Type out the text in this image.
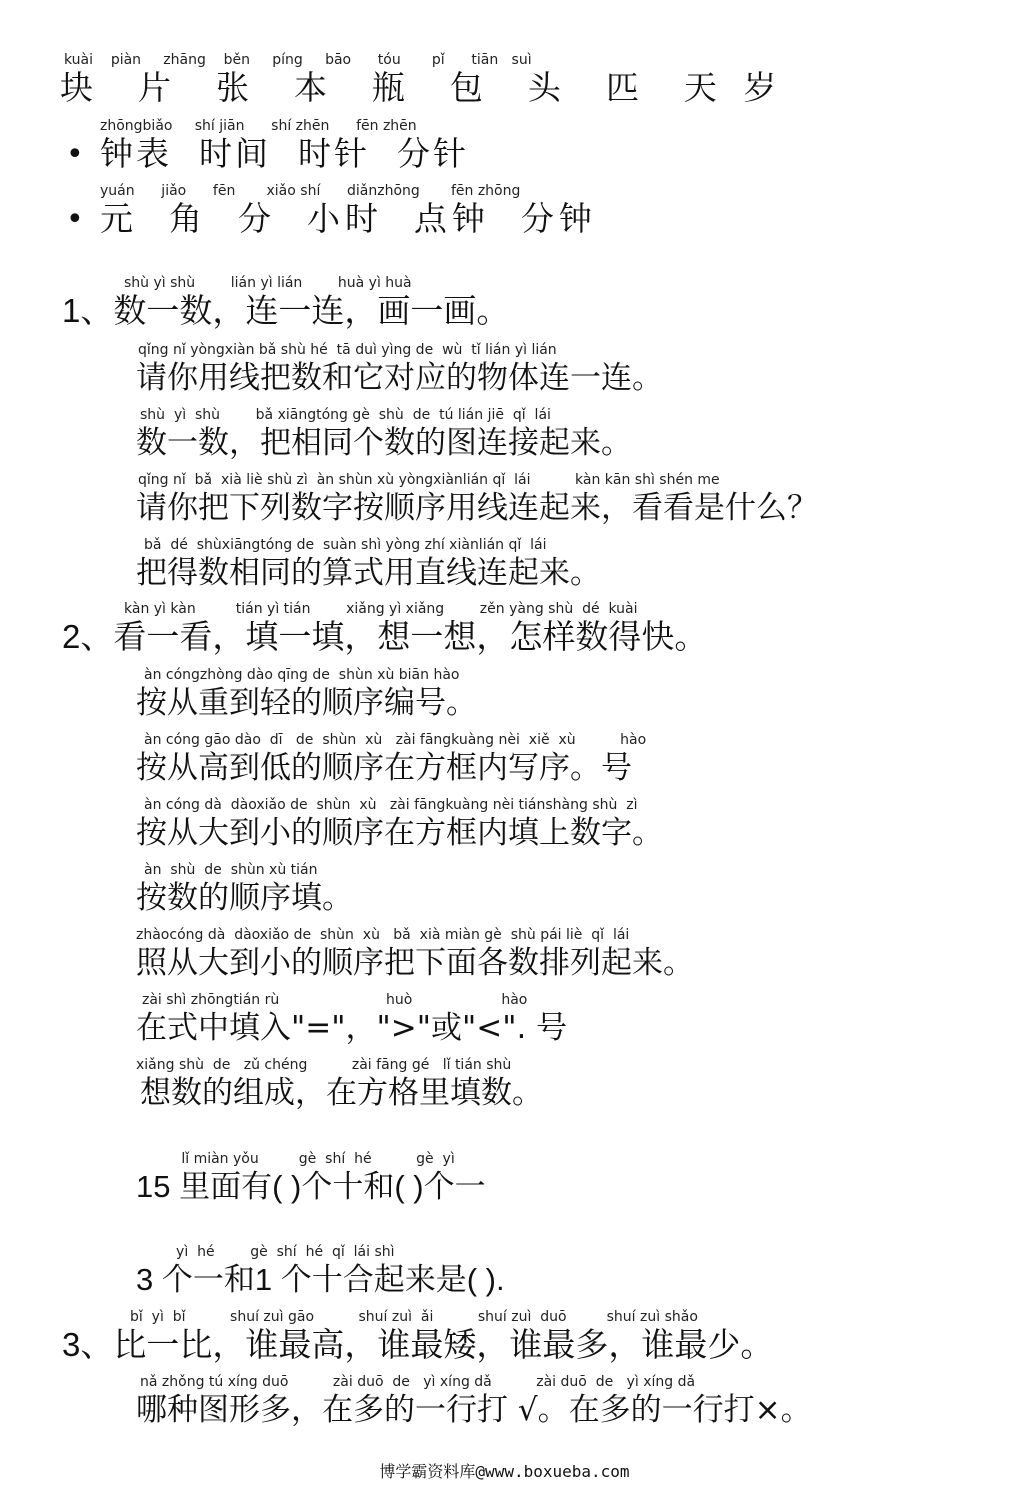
kuài    piàn     zhāng    běn     píng     bāo      tóu       pǐ      tiān   suì
块  片  张  本  瓶  包  头  匹  天 岁
•
zhōngbiǎo     shí jiān      shí zhēn      fēn zhēn
钟表  时间  时针  分针
•
yuán      jiǎo      fēn       xiǎo shí      diǎnzhōng       fēn zhōng
元  角  分  小时  点钟  分钟
shù yì shù        lián yì lián        huà yì huà
1、数一数，连一连，画一画。
qǐng nǐ yòngxiàn bǎ shù hé  tā duì yìng de  wù  tǐ lián yì lián
请你用线把数和它对应的物体连一连。
shù  yì  shù        bǎ xiāngtóng gè  shù  de  tú lián jiē  qǐ  lái
数一数，把相同个数的图连接起来。
qǐng nǐ  bǎ  xià liè shù zì  àn shùn xù yòngxiànlián qǐ  lái          kàn kān shì shén me
请你把下列数字按顺序用线连起来，看看是什么？
bǎ  dé  shùxiāngtóng de  suàn shì yòng zhí xiànlián qǐ  lái
把得数相同的算式用直线连起来。
kàn yì kàn         tián yì tián        xiǎng yì xiǎng        zěn yàng shù  dé  kuài
2、看一看，填一填，想一想，怎样数得快。
àn cóngzhòng dào qīng de  shùn xù biān hào
按从重到轻的顺序编号。
àn cóng gāo dào  dī   de  shùn  xù   zài fāngkuàng nèi  xiě  xù          hào
按从高到低的顺序在方框内写序。号
àn cóng dà  dàoxiǎo de  shùn  xù   zài fāngkuàng nèi tiánshàng shù  zì
按从大到小的顺序在方框内填上数字。
àn  shù  de  shùn xù tián
按数的顺序填。
zhàocóng dà  dàoxiǎo de  shùn  xù   bǎ  xià miàn gè  shù pái liè  qǐ  lái
照从大到小的顺序把下面各数排列起来。
zài shì zhōngtián rù                        huò                    hào
在式中填入"="，">"或"<". 号
xiǎng shù  de   zǔ chéng          zài fāng gé   lǐ tián shù
想数的组成，在方格里填数。
lǐ miàn yǒu         gè  shí  hé          gè  yì
15 里面有( )个十和( )个一
yì  hé        gè  shí  hé  qǐ  lái shì
3 个一和1 个十合起来是( ).
bǐ  yì  bǐ          shuí zuì gāo          shuí zuì  ǎi          shuí zuì  duō         shuí zuì shǎo
3、比一比，谁最高，谁最矮，谁最多，谁最少。
nǎ zhǒng tú xíng duō          zài duō  de   yì xíng dǎ          zài duō  de   yì xíng dǎ
哪种图形多，在多的一行打 √。在多的一行打×。
博学霸资料库@www.boxueba.com
